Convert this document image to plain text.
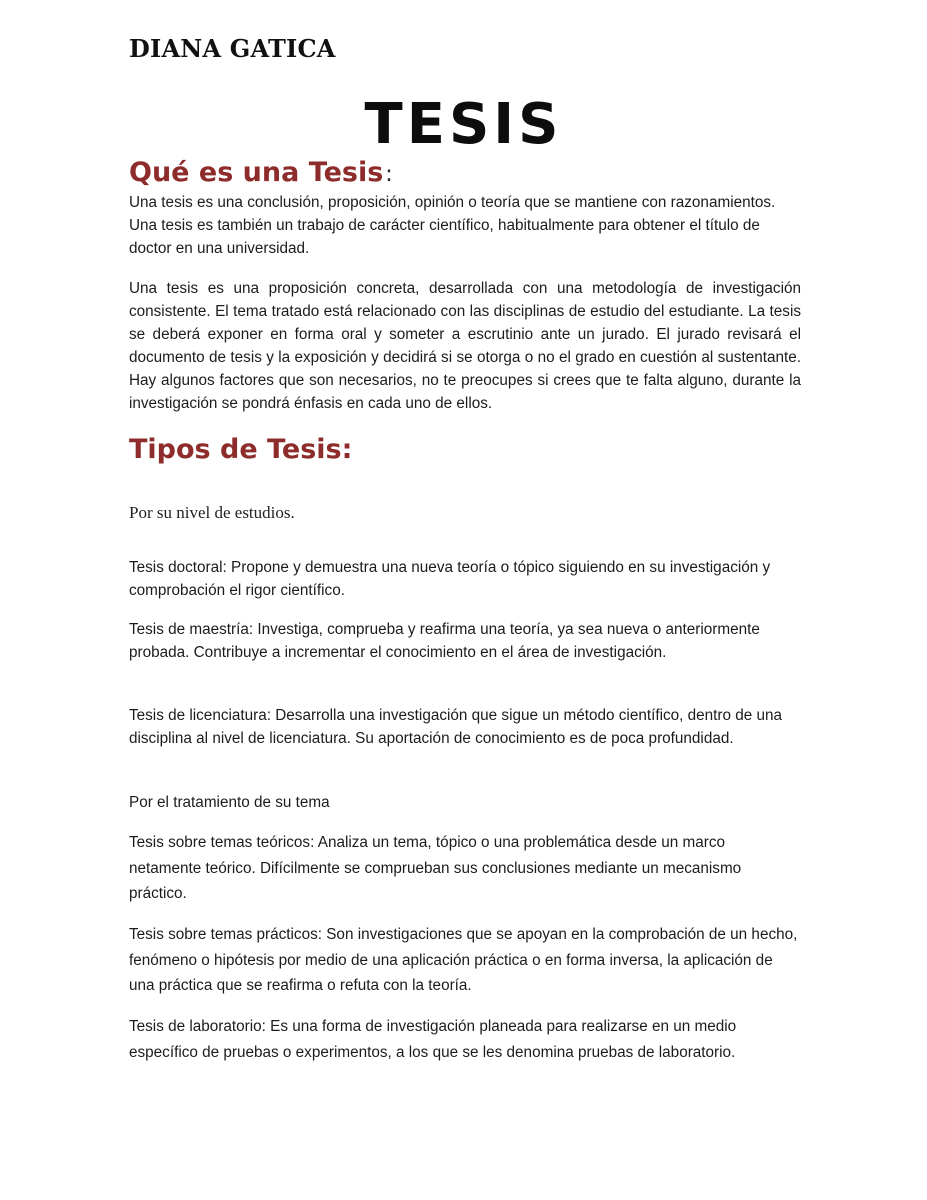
DIANA GATICA
TESIS
Qué es una Tesis:
Una tesis es una conclusión, proposición, opinión o teoría que se mantiene con razonamientos. Una tesis es también un trabajo de carácter científico, habitualmente para obtener el título de doctor en una universidad.
Una tesis es una proposición concreta, desarrollada con una metodología de investigación consistente. El tema tratado está relacionado con las disciplinas de estudio del estudiante. La tesis se deberá exponer en forma oral y someter a escrutinio ante un jurado. El jurado revisará el documento de tesis y la exposición y decidirá si se otorga o no el grado en cuestión al sustentante. Hay algunos factores que son necesarios, no te preocupes si crees que te falta alguno, durante la investigación se pondrá énfasis en cada uno de ellos.
Tipos de Tesis:
Por su nivel de estudios.
Tesis doctoral: Propone y demuestra una nueva teoría o tópico siguiendo en su investigación y comprobación el rigor científico.
Tesis de maestría: Investiga, comprueba y reafirma una teoría, ya sea nueva o anteriormente probada. Contribuye a incrementar el conocimiento en el área de investigación.
Tesis de licenciatura: Desarrolla una investigación que sigue un método científico, dentro de una disciplina al nivel de licenciatura. Su aportación de conocimiento es de poca profundidad.
Por el tratamiento de su tema
Tesis sobre temas teóricos: Analiza un tema, tópico o una problemática desde un marco netamente teórico. Difícilmente se comprueban sus conclusiones mediante un mecanismo práctico.
Tesis sobre temas prácticos: Son investigaciones que se apoyan en la comprobación de un hecho, fenómeno o hipótesis por medio de una aplicación práctica o en forma inversa, la aplicación de una práctica que se reafirma o refuta con la teoría.
Tesis de laboratorio: Es una forma de investigación planeada para realizarse en un medio específico de pruebas o experimentos, a los que se les denomina pruebas de laboratorio.
